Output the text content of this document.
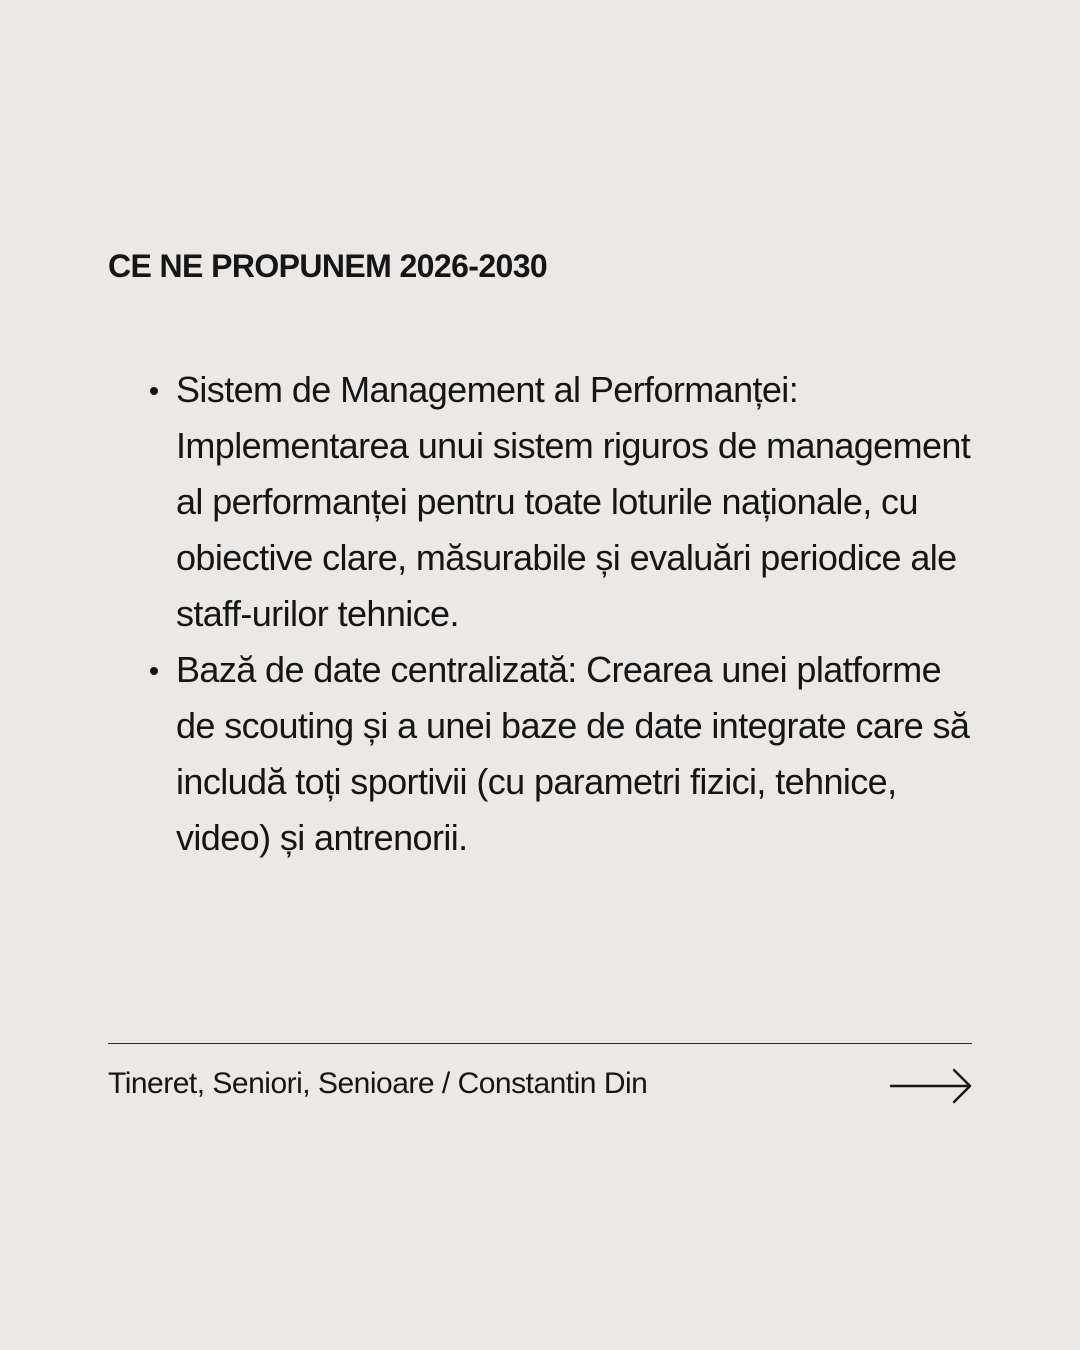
CE NE PROPUNEM 2026-2030
Sistem de Management al Performanței: Implementarea unui sistem riguros de management al performanței pentru toate loturile naționale, cu obiective clare, măsurabile și evaluări periodice ale staff-urilor tehnice.
Bază de date centralizată: Crearea unei platforme de scouting și a unei baze de date integrate care să includă toți sportivii (cu parametri fizici, tehnice, video) și antrenorii.

Tineret, Seniori, Senioare / Constantin Din
